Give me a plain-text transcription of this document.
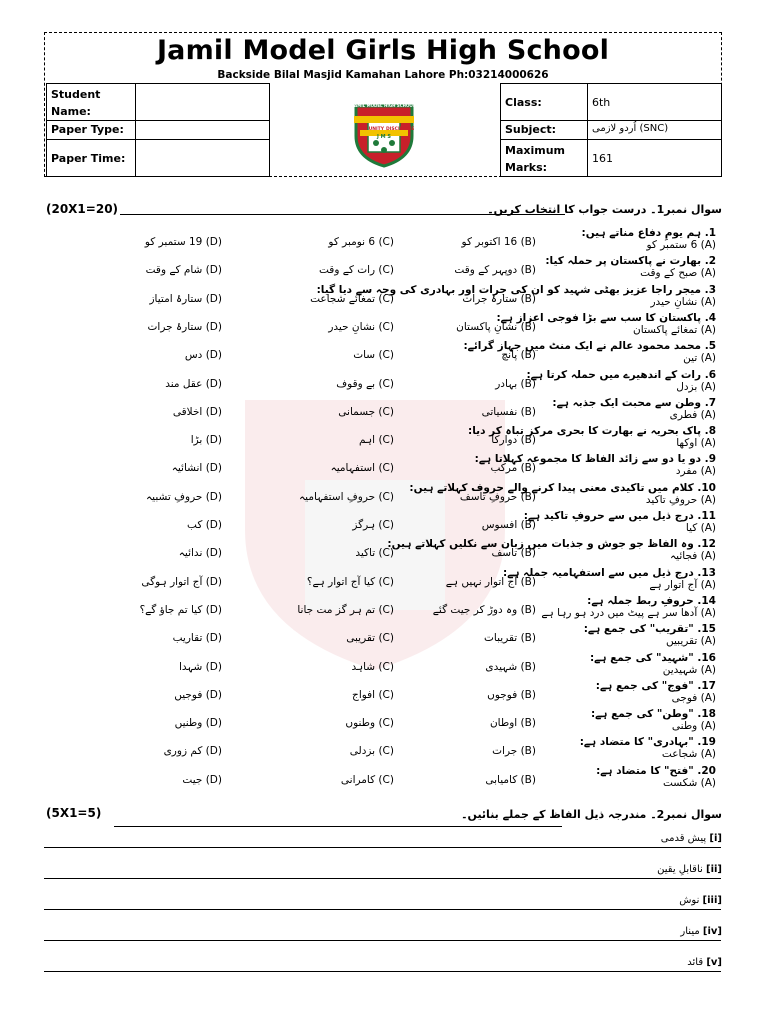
Jamil Model Girls High School
Backside Bilal Masjid Kamahan Lahore Ph:03214000626
Student Name:
Paper Type:
Paper Time:
Class:	6th
Subject:	اُردو لازمی (SNC)
Maximum Marks:
161
JAMIL MODEL HIGH SCHOOL
FAITH
UNITY DISCIPLINE
J M S
(20X1=20)	سوال نمبر1۔ درست جواب کا انتخاب کریں۔
1. ہم یومِ دفاع مناتے ہیں:
(A) 6 ستمبر کو
(B) 16 اکتوبر کو
(C) 6 نومبر کو
(D) 19 ستمبر کو
2. بھارت نے پاکستان پر حملہ کیا:
(A) صبح کے وقت
(B) دوپہر کے وقت
(C) رات کے وقت
(D) شام کے وقت
3. میجر راجا عزیز بھٹی شہید کو ان کی جرات اور بہادری کی وجہ سے دیا گیا:
(A) نشانِ حیدر
(B) ستارۂ جرات
(C) تمغائے شجاعت
(D) ستارۂ امتیاز
4. پاکستان کا سب سے بڑا فوجی اعزاز ہے:
(A) تمغائے پاکستان
(B) نشانِ پاکستان
(C) نشانِ حیدر
(D) ستارۂ جرات
5. محمد محمود عالم نے ایک منٹ میں جہاز گرائے:
(A) تین
(B) پانچ
(C) سات
(D) دس
6. رات کے اندھیرے میں حملہ کرتا ہے:
(A) بزدل
(B) بہادر
(C) بے وقوف
(D) عقل مند
7. وطن سے محبت ایک جذبہ ہے:
(A) فطری
(B) نفسیاتی
(C) جسمانی
(D) اخلاقی
8. پاک بحریہ نے بھارت کا بحری مرکز تباہ کر دیا:
(A) اوکھا
(B) دوارکا
(C) اہم
(D) بڑا
9. دو یا دو سے زائد الفاظ کا مجموعہ کہلاتا ہے:
(A) مفرد
(B) مرکب
(C) استفہامیہ
(D) انشائیہ
10. کلام میں تاکیدی معنی پیدا کرنے والے حروف کہلاتے ہیں:
(A) حروفِ تاکید
(B) حروفِ تاسف
(C) حروفِ استفہامیہ
(D) حروفِ تشبیہ
11. درج ذیل میں سے حروفِ تاکید ہے:
(A) کیا
(B) افسوس
(C) ہرگز
(D) کب
12. وہ الفاظ جو جوش و جذبات میں زبان سے نکلیں کہلاتے ہیں:
(A) فجائیہ
(B) تاسف
(C) تاکید
(D) ندائیہ
13. درج ذیل میں سے استفہامیہ جملہ ہے:
(A) آج اتوار ہے
(B) آج اتوار نہیں ہے
(C) کیا آج اتوار ہے؟
(D) آج اتوار ہوگی
14. حروفِ ربط جملہ ہے:
(A) آدھا سر ہے پیٹ میں درد ہو رہا ہے
(B) وہ دوڑ کر جیت گئے
(C) تم ہر گز مت جانا
(D) کیا تم جاؤ گے؟
15. "تقریب" کی جمع ہے:
(A) تقریبیں
(B) تقریبات
(C) تقریبی
(D) تقاریب
16. "شہید" کی جمع ہے:
(A) شہیدین
(B) شہیدی
(C) شاہد
(D) شہدا
17. "فوج" کی جمع ہے:
(A) فوجی
(B) فوجوں
(C) افواج
(D) فوجیں
18. "وطن" کی جمع ہے:
(A) وطنی
(B) اوطان
(C) وطنوں
(D) وطنیں
19. "بہادری" کا متضاد ہے:
(A) شجاعت
(B) جرات
(C) بزدلی
(D) کم زوری
20. "فتح" کا متضاد ہے:
(A) شکست
(B) کامیابی
(C) کامرانی
(D) جیت
(5X1=5)	سوال نمبر2۔ مندرجہ ذیل الفاظ کے جملے بنائیں۔
[i] پیش قدمی
[ii] ناقابلِ یقین
[iii] نوش
[iv] مینار
[v] قائد
